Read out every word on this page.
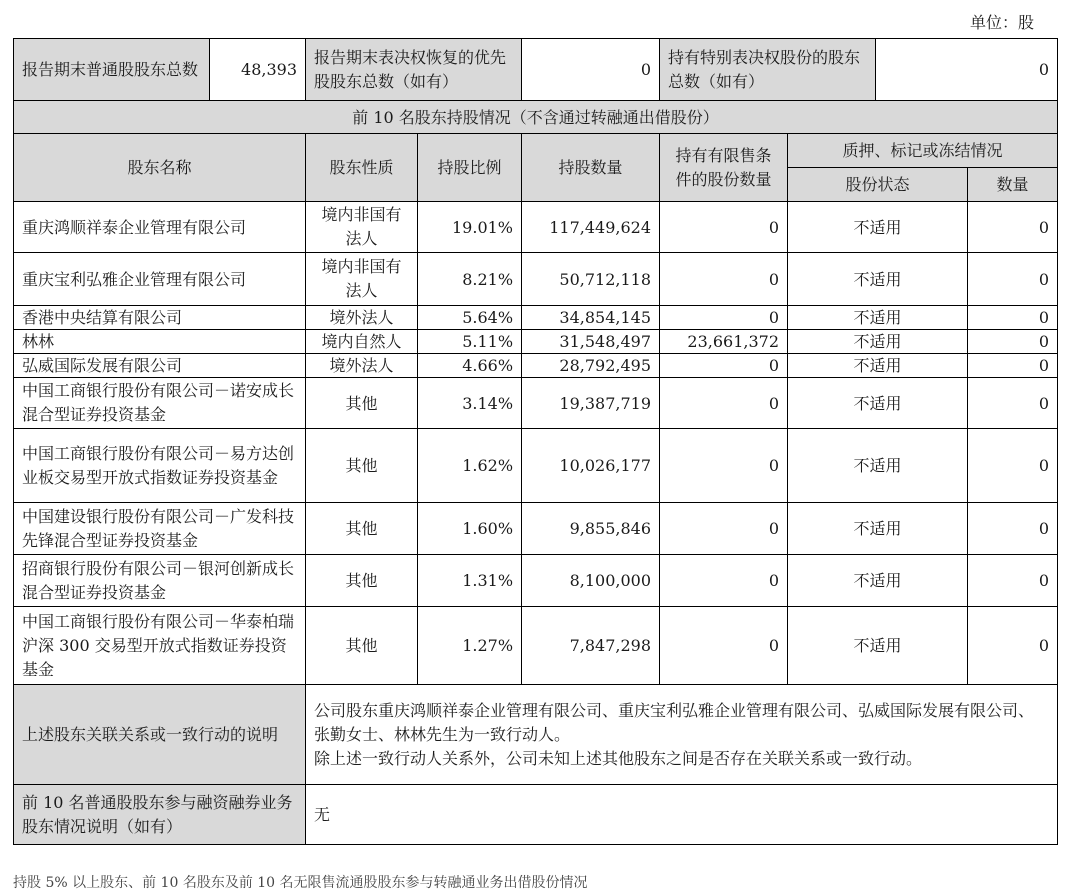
单位：股
报告期末普通股股东总数	48,393	报告期末表决权恢复的优先股股东总数（如有）		0	持有特别表决权股份的股东总数（如有）		0	
前 10 名股东持股情况（不含通过转融通出借股份）								
股东名称		股东性质	持股比例	持股数量	持有有限售条件的股份数量	质押、标记或冻结情况		
						股份状态		数量
重庆鸿顺祥泰企业管理有限公司		境内非国有法人	19.01%	117,449,624	0	不适用		0
重庆宝利弘雅企业管理有限公司		境内非国有法人	8.21%	50,712,118	0	不适用		0
香港中央结算有限公司		境外法人	5.64%	34,854,145	0	不适用		0
林林		境内自然人	5.11%	31,548,497	23,661,372	不适用		0
弘威国际发展有限公司		境外法人	4.66%	28,792,495	0	不适用		0
中国工商银行股份有限公司－诺安成长混合型证券投资基金		其他	3.14%	19,387,719	0	不适用		0
中国工商银行股份有限公司－易方达创业板交易型开放式指数证券投资基金		其他	1.62%	10,026,177	0	不适用		0
中国建设银行股份有限公司－广发科技先锋混合型证券投资基金		其他	1.60%	9,855,846	0	不适用		0
招商银行股份有限公司－银河创新成长混合型证券投资基金		其他	1.31%	8,100,000	0	不适用		0
中国工商银行股份有限公司－华泰柏瑞沪深 300 交易型开放式指数证券投资基金		其他	1.27%	7,847,298	0	不适用		0
上述股东关联关系或一致行动的说明		公司股东重庆鸿顺祥泰企业管理有限公司、重庆宝利弘雅企业管理有限公司、弘威国际发展有限公司、张勤女士、林林先生为一致行动人。
除上述一致行动人关系外，公司未知上述其他股东之间是否存在关联关系或一致行动。						

前 10 名普通股股东参与融资融券业务股东情况说明（如有）		无						
持股 5% 以上股东、前 10 名股东及前 10 名无限售流通股股东参与转融通业务出借股份情况
